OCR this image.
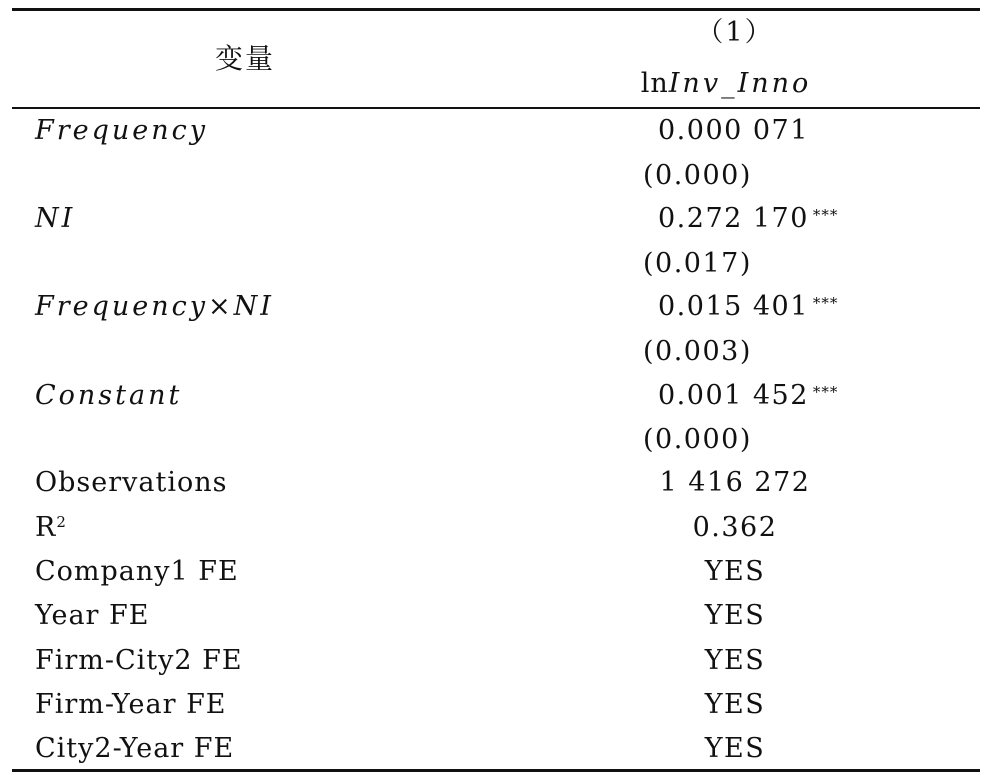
变量
（1）
lnInv_Inno
Frequency	0.000 071
(0.000)
NI	0.272 170 ***
(0.017)
Frequency×NI	0.015 401 ***
(0.003)
Constant	0.001 452 ***
(0.000)
Observations	1 416 272
$R^2$	0.362
Company1 FE	YES
Year FE	YES
Firm-City2 FE	YES
Firm-Year FE	YES
City2-Year FE	YES
